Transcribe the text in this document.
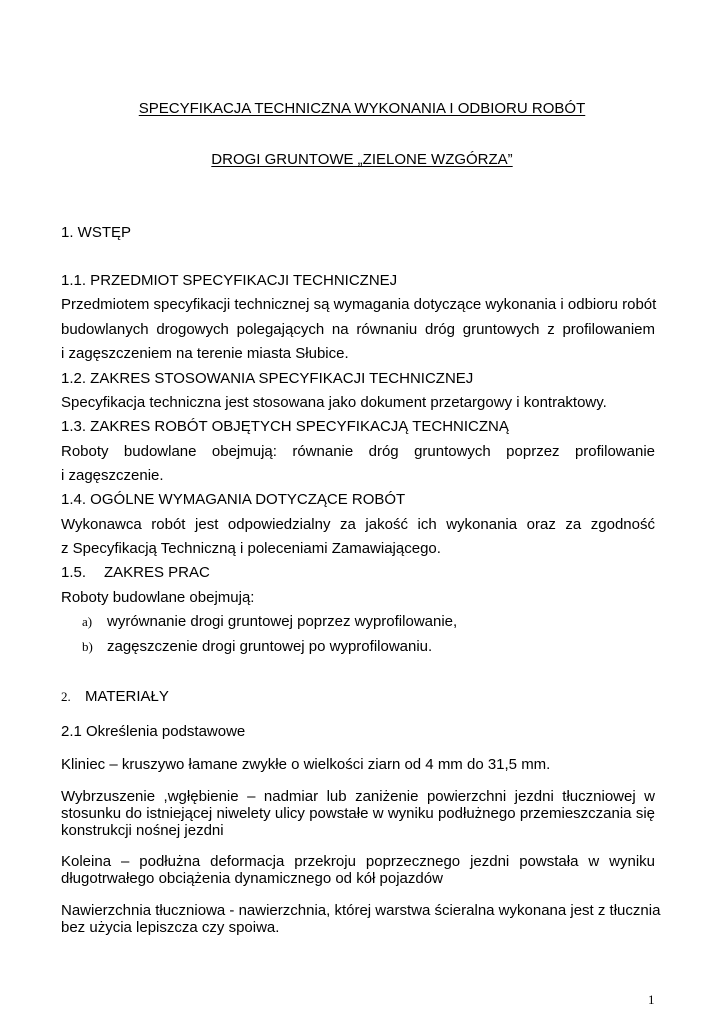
SPECYFIKACJA TECHNICZNA WYKONANIA I ODBIORU ROBÓT
DROGI GRUNTOWE „ZIELONE WZGÓRZA”
1. WSTĘP
1.1. PRZEDMIOT SPECYFIKACJI TECHNICZNEJ
Przedmiotem specyfikacji technicznej są wymagania dotyczące wykonania i odbioru robót
budowlanych drogowych polegających na równaniu dróg gruntowych z profilowaniem
i zagęszczeniem na terenie miasta Słubice.
1.2. ZAKRES STOSOWANIA SPECYFIKACJI TECHNICZNEJ
Specyfikacja techniczna jest stosowana jako dokument przetargowy i kontraktowy.
1.3. ZAKRES ROBÓT OBJĘTYCH SPECYFIKACJĄ TECHNICZNĄ
Roboty budowlane obejmują: równanie dróg gruntowych poprzez profilowanie
i zagęszczenie.
1.4. OGÓLNE WYMAGANIA DOTYCZĄCE ROBÓT
Wykonawca robót jest odpowiedzialny za jakość ich wykonania oraz za zgodność
z Specyfikacją Techniczną i poleceniami Zamawiającego.
1.5. ZAKRES PRAC
Roboty budowlane obejmują:
a) wyrównanie drogi gruntowej poprzez wyprofilowanie,
b) zagęszczenie drogi gruntowej po wyprofilowaniu.
2. MATERIAŁY
2.1 Określenia podstawowe
Kliniec – kruszywo łamane zwykłe o wielkości ziarn od 4 mm do 31,5 mm.
Wybrzuszenie ,wgłębienie – nadmiar lub zaniżenie powierzchni jezdni tłuczniowej w
stosunku do istniejącej niwelety ulicy powstałe w wyniku podłużnego przemieszczania się
konstrukcji nośnej jezdni
Koleina – podłużna deformacja przekroju poprzecznego jezdni powstała w wyniku
długotrwałego obciążenia dynamicznego od kół pojazdów
Nawierzchnia tłuczniowa - nawierzchnia, której warstwa ścieralna wykonana jest z tłucznia
bez użycia lepiszcza czy spoiwa.
1
